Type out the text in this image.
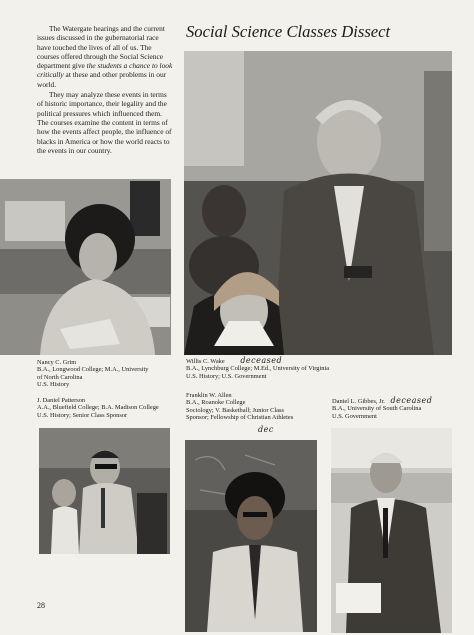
The Watergate hearings and the current issues discussed in the gubernatorial race have touched the lives of all of us. The courses offered through the Social Science department give the students a chance to look critically at these and other problems in our world.

They may analyze these events in terms of historic importance, their legality and the political pressures which influenced them. The courses examine the content in terms of how the events affect people, the influence of blacks in America or how the world reacts to the events in our country.

Social Science Classes Dissect
Nancy C. Grim
B.A., Longwood College; M.A., University
of North Carolina
U.S. History
Willis C. Wake deceased
B.A., Lynchburg College; M.Ed., University of Virginia
U.S. History; U.S. Government
J. Daniel Patterson
A.A., Bluefield College; B.A. Madison College
U.S. History; Senior Class Sponsor
Franklin W. Allen
B.A., Roanoke College
Sociology; V. Basketball; Junior Class
Sponsor; Fellowship of Christian Athletes
Daniel L. Gibbes, Jr. deceased
B.A., University of South Carolina
U.S. Government
dec
28
